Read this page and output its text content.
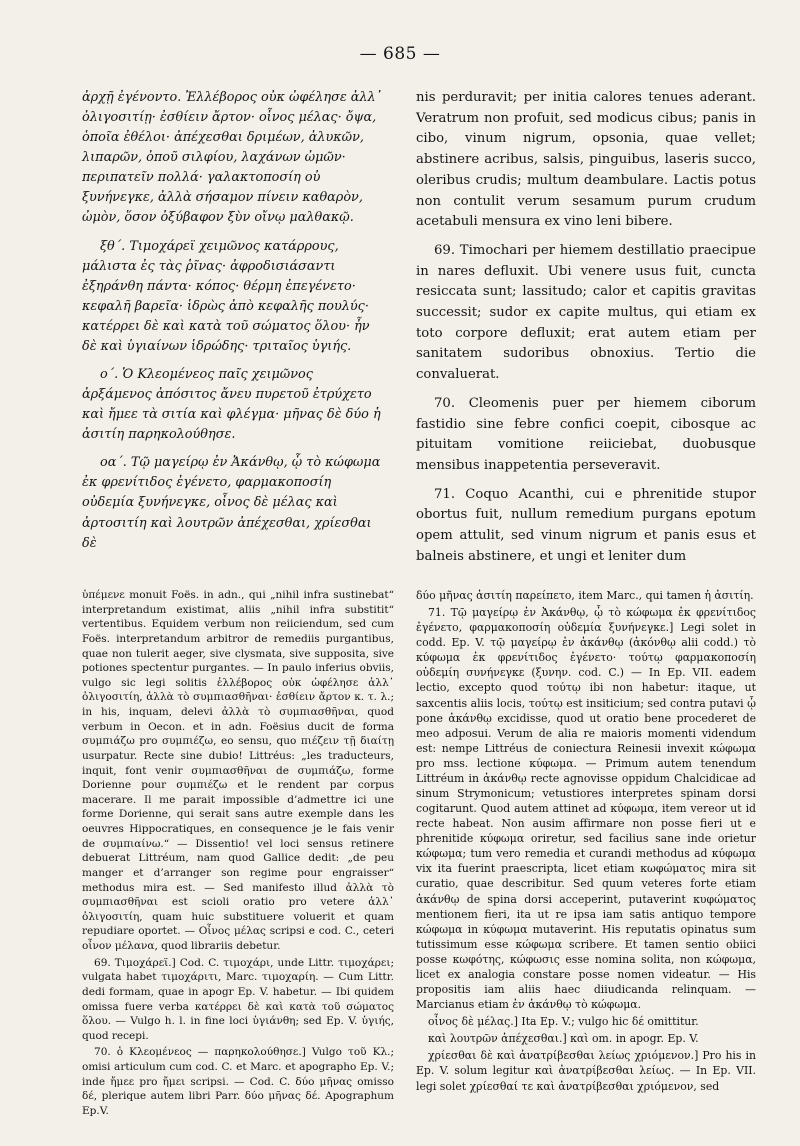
— 685 —

ἀρχῇ ἐγένοντο. Ἐλλέβορος οὐκ ὠφέλησε ἀλλ᾽ ὀλιγοσιτίῃ· ἐσθίειν ἄρτον· οἶνος μέλας· ὄψα, ὁποῖα ἐθέλοι· ἀπέχεσθαι δριμέων, ἀλυκῶν, λιπαρῶν, ὀποῦ σιλφίου, λαχάνων ὠμῶν· περιπατεῖν πολλά· γαλακτοποσίη οὐ ξυνήνεγκε, ἀλλὰ σήσαμον πίνειν καθαρὸν, ὠμὸν, ὅσον ὀξύβαφον ξὺν οἴνῳ μαλθακῷ.

ξθ΄. Τιμοχάρεϊ χειμῶνος κατάρρους, μάλιστα ἐς τὰς ῥῖνας· ἀφροδισιάσαντι ἐξηράνθη πάντα· κόπος· θέρμη ἐπεγένετο· κεφαλῆ βαρεῖα· ἱδρὼς ἀπὸ κεφαλῆς πουλύς· κατέρρει δὲ καὶ κατὰ τοῦ σώματος ὅλου· ἦν δὲ καὶ ὑγιαίνων ἱδρώδης· τριταῖος ὑγιής.

ο΄. Ὁ Κλεομένεος παῖς χειμῶνος ἀρξάμενος ἀπόσιτος ἄνευ πυρετοῦ ἐτρύχετο καὶ ἤμεε τὰ σιτία καὶ φλέγμα· μῆνας δὲ δύο ἡ ἀσιτίη παρηκολούθησε.

οα΄. Τῷ μαγείρῳ ἐν Ἀκάνθῳ, ᾧ τὸ κώφωμα ἐκ φρενίτιδος ἐγένετο, φαρμακοποσίη οὐδεμία ξυνήνεγκε, οἶνος δὲ μέλας καὶ ἀρτοσιτίη καὶ λουτρῶν ἀπέχεσθαι, χρίεσθαι δὲ

nis perduravit; per initia calores tenues aderant. Veratrum non profuit, sed modicus cibus; panis in cibo, vinum nigrum, opsonia, quae vellet; abstinere acribus, salsis, pinguibus, laseris succo, oleribus crudis; multum deambulare. Lactis potus non contulit verum sesamum purum crudum acetabuli mensura ex vino leni bibere.

69. Timochari per hiemem destillatio praecipue in nares defluxit. Ubi venere usus fuit, cuncta resiccata sunt; lassitudo; calor et capitis gravitas successit; sudor ex capite multus, qui etiam ex toto corpore defluxit; erat autem etiam per sanitatem sudoribus obnoxius. Tertio die convaluerat.

70. Cleomenis puer per hiemem ciborum fastidio sine febre confici coepit, cibosque ac pituitam vomitione reiiciebat, duobusque mensibus inappetentia perseveravit.

71. Coquo Acanthi, cui e phrenitide stupor obortus fuit, nullum remedium purgans epotum opem attulit, sed vinum nigrum et panis esus et balneis abstinere, et ungi et leniter dum

ὑπέμενε monuit Foës. in adn., qui „nihil infra sustinebat“ interpretandum existimat, aliis „nihil infra substitit“ vertentibus. Equidem verbum non reiiciendum, sed cum Foës. interpretandum arbitror de remediis purgantibus, quae non tulerit aeger, sive clysmata, sive supposita, sive potiones spectentur purgantes. — In paulo inferius obviis, vulgo sic legi solitis ἐλλέβορος οὐκ ὠφέλησε ἀλλ᾽ ὀλιγοσιτίη, ἀλλὰ τὸ συμπιασθῆναι· ἐσθίειν ἄρτον κ. τ. λ.; in his, inquam, delevi ἀλλὰ τὸ συμπιασθῆναι, quod verbum in Oecon. et in adn. Foësius ducit de forma συμπιάζω pro συμπιέζω, eo sensu, quo πιέζειν τῇ διαίτῃ usurpatur. Recte sine dubio! Littréus: „les traducteurs, inquit, font venir συμπιασθῆναι de συμπιάζω, forme Dorienne pour συμπιέζω et le rendent par corpus macerare. Il me parait impossible d’admettre ici une forme Dorienne, qui serait sans autre exemple dans les oeuvres Hippocratiques, en consequence je le fais venir de συμπιαίνω.“ — Dissentio! vel loci sensus retinere debuerat Littréum, nam quod Gallice dedit: „de peu manger et d’arranger son regime pour engraisser“ methodus mira est. — Sed manifesto illud ἀλλὰ τὸ συμπιασθῆναι est scioli oratio pro vetere ἀλλ᾽ ὀλιγοσιτίη, quam huic substituere voluerit et quam repudiare oportet. — Οἶνος μέλας scripsi e cod. C., ceteri οἶνον μέλανα, quod librariis debetur.

69. Τιμοχάρεϊ.] Cod. C. τιμοχάρι, unde Littr. τιμοχάρει; vulgata habet τιμοχάριτι, Marc. τιμοχαρίη. — Cum Littr. dedi formam, quae in apogr Ep. V. habetur. — Ibi quidem omissa fuere verba κατέρρει δὲ καὶ κατὰ τοῦ σώματος ὅλου. — Vulgo h. l. in fine loci ὑγιάνθη; sed Ep. V. ὑγιής, quod recepi.

70. ὁ Κλεομένεος — παρηκολούθησε.] Vulgo τοῦ Κλ.; omisi articulum cum cod. C. et Marc. et apographo Ep. V.; inde ἤμεε pro ἤμει scripsi. — Cod. C. δύο μῆνας omisso δέ, plerique autem libri Parr. δύο μῆνας δέ. Apographum Ep.V.

δύο μῆνας ἀσιτίη παρείπετο, item Marc., qui tamen ἡ ἀσιτίη.

71. Τῷ μαγείρῳ ἐν Ἀκάνθῳ, ᾧ τὸ κώφωμα ἐκ φρενίτιδος ἐγένετο, φαρμακοποσίη οὐδεμία ξυνήνεγκε.] Legi solet in codd. Ep. V. τῷ μαγείρῳ ἐν ἀκάνθῳ (ἀκόνθῳ alii codd.) τὸ κύφωμα ἐκ φρενίτιδος ἐγένετο· τούτῳ φαρμακοποσίη οὐδεμίη συνήνεγκε (ξυνην. cod. C.) — In Ep. VII. eadem lectio, excepto quod τούτῳ ibi non habetur: itaque, ut saxcentis aliis locis, τούτῳ est insiticium; sed contra putavi ᾧ pone ἀκάνθῳ excidisse, quod ut oratio bene procederet de meo adposui. Verum de alia re maioris momenti videndum est: nempe Littréus de coniectura Reinesii invexit κώφωμα pro mss. lectione κύφωμα. — Primum autem tenendum Littréum in ἀκάνθῳ recte agnovisse oppidum Chalcidicae ad sinum Strymonicum; vetustiores interpretes spinam dorsi cogitarunt. Quod autem attinet ad κύφωμα, item vereor ut id recte habeat. Non ausim affirmare non posse fieri ut e phrenitide κύφωμα oriretur, sed facilius sane inde orietur κώφωμα; tum vero remedia et curandi methodus ad κύφωμα vix ita fuerint praescripta, licet etiam κωφώματος mira sit curatio, quae describitur. Sed quum veteres forte etiam ἀκάνθῳ de spina dorsi acceperint, putaverint κυφώματος mentionem fieri, ita ut re ipsa iam satis antiquo tempore κώφωμα in κύφωμα mutaverint. His reputatis opinatus sum tutissimum esse κώφωμα scribere. Et tamen sentio obiici posse κωφότης, κώφωσις esse nomina solita, non κώφωμα, licet ex analogia constare posse nomen videatur. — His propositis iam aliis haec diiudicanda relinquam. — Marcianus etiam ἐν ἀκάνθῳ τὸ κώφωμα.

οἶνος δὲ μέλας.] Ita Ep. V.; vulgo hic δέ omittitur.

καὶ λουτρῶν ἀπέχεσθαι.] καὶ om. in apogr. Ep. V.

χρίεσθαι δὲ καὶ ἀνατρίβεσθαι λείως χριόμενον.] Pro his in Ep. V. solum legitur καὶ ἀνατρίβεσθαι λείως. — In Ep. VII. legi solet χρίεσθαί τε καὶ ἀνατρίβεσθαι χριόμενον, sed
